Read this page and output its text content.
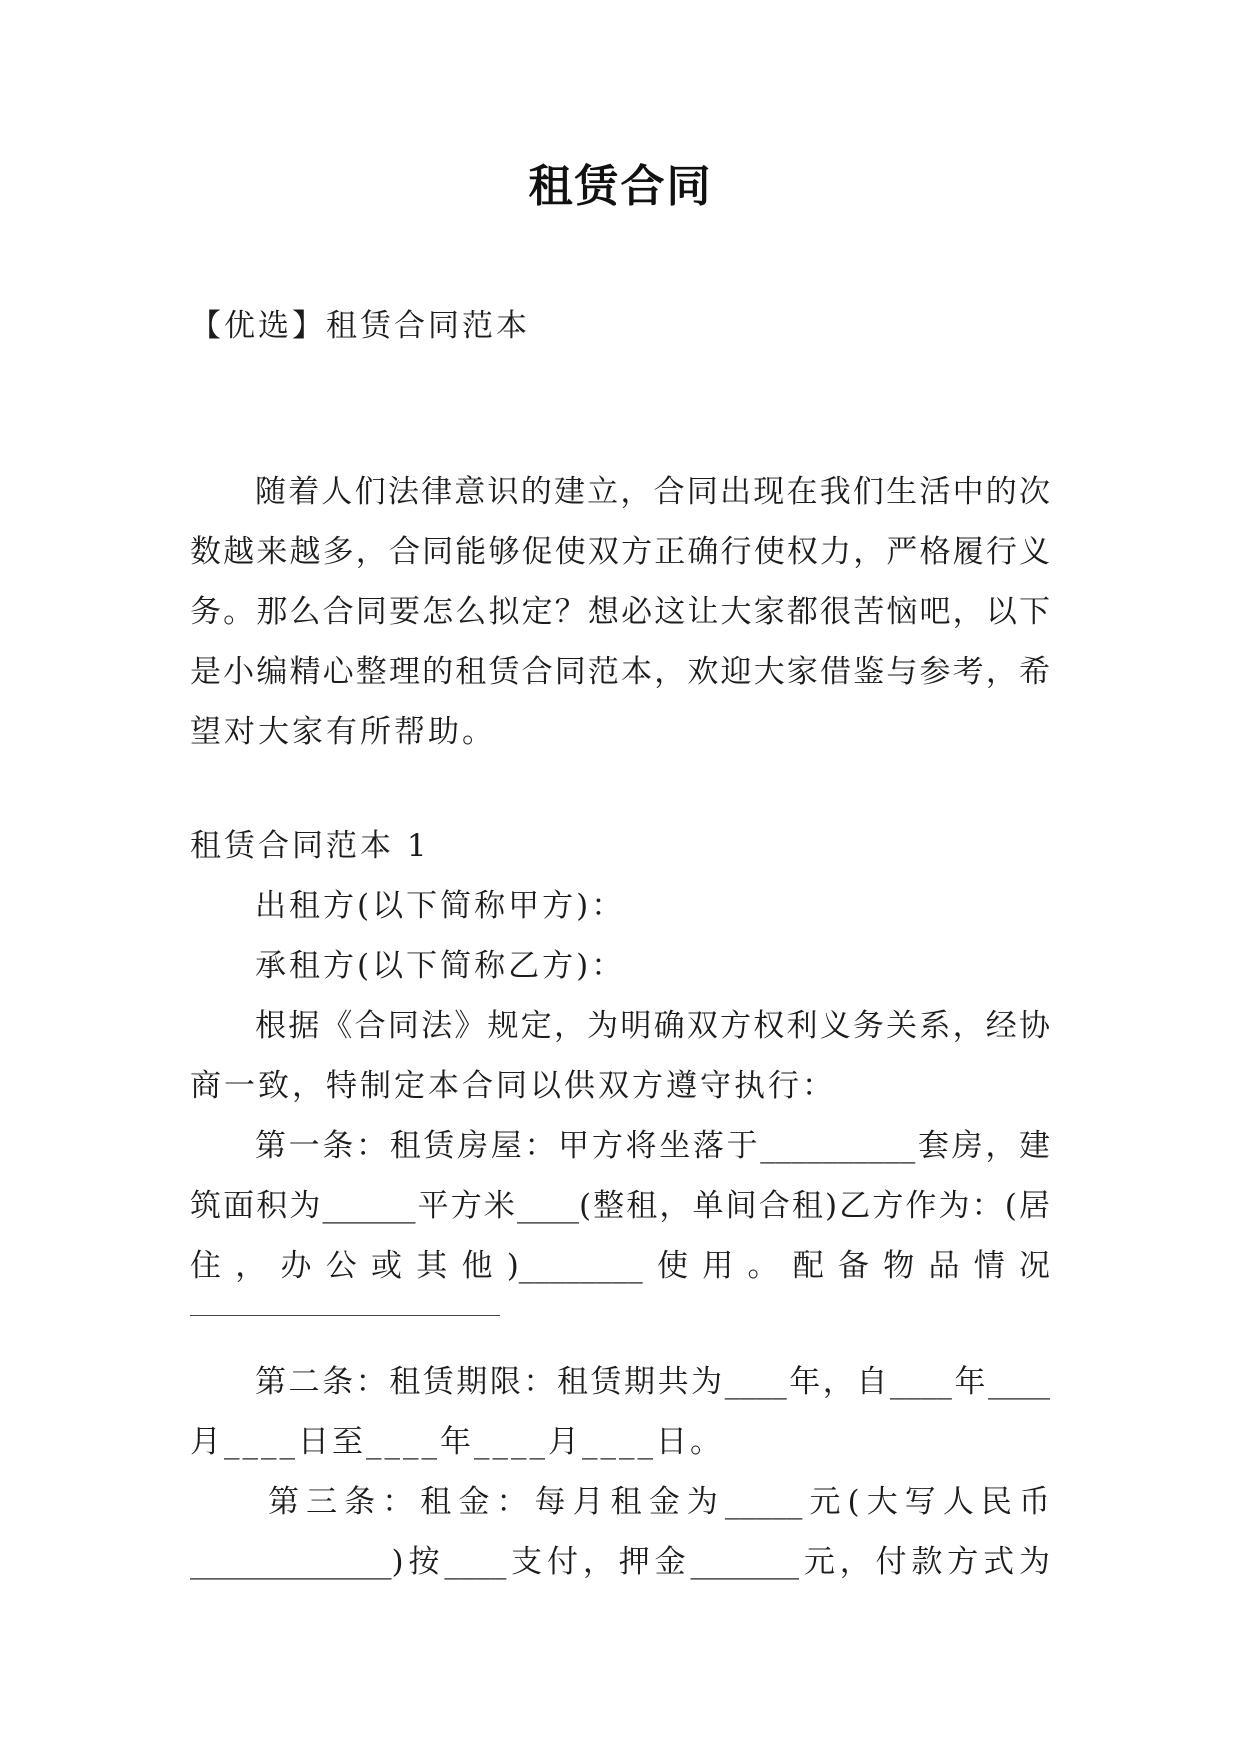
租赁合同
【优选】租赁合同范本
随着人们法律意识的建立，合同出现在我们生活中的次
数越来越多，合同能够促使双方正确行使权力，严格履行义
务。那么合同要怎么拟定？想必这让大家都很苦恼吧，以下
是小编精心整理的租赁合同范本，欢迎大家借鉴与参考，希
望对大家有所帮助。
租赁合同范本 1
出租方(以下简称甲方)：
承租方(以下简称乙方)：
根据《合同法》规定，为明确双方权利义务关系，经协
商一致，特制定本合同以供双方遵守执行：
第一条：租赁房屋：甲方将坐落于__________套房，建
筑面积为______平方米____(整租，单间合租)乙方作为：(居
住，办公或其他)________使用。配备物品情况
第二条：租赁期限：租赁期共为____年，自____年____
月____日至____年____月____日。
第三条：租金：每月租金为_____元(大写人民币
_____________)按____支付，押金_______元，付款方式为
